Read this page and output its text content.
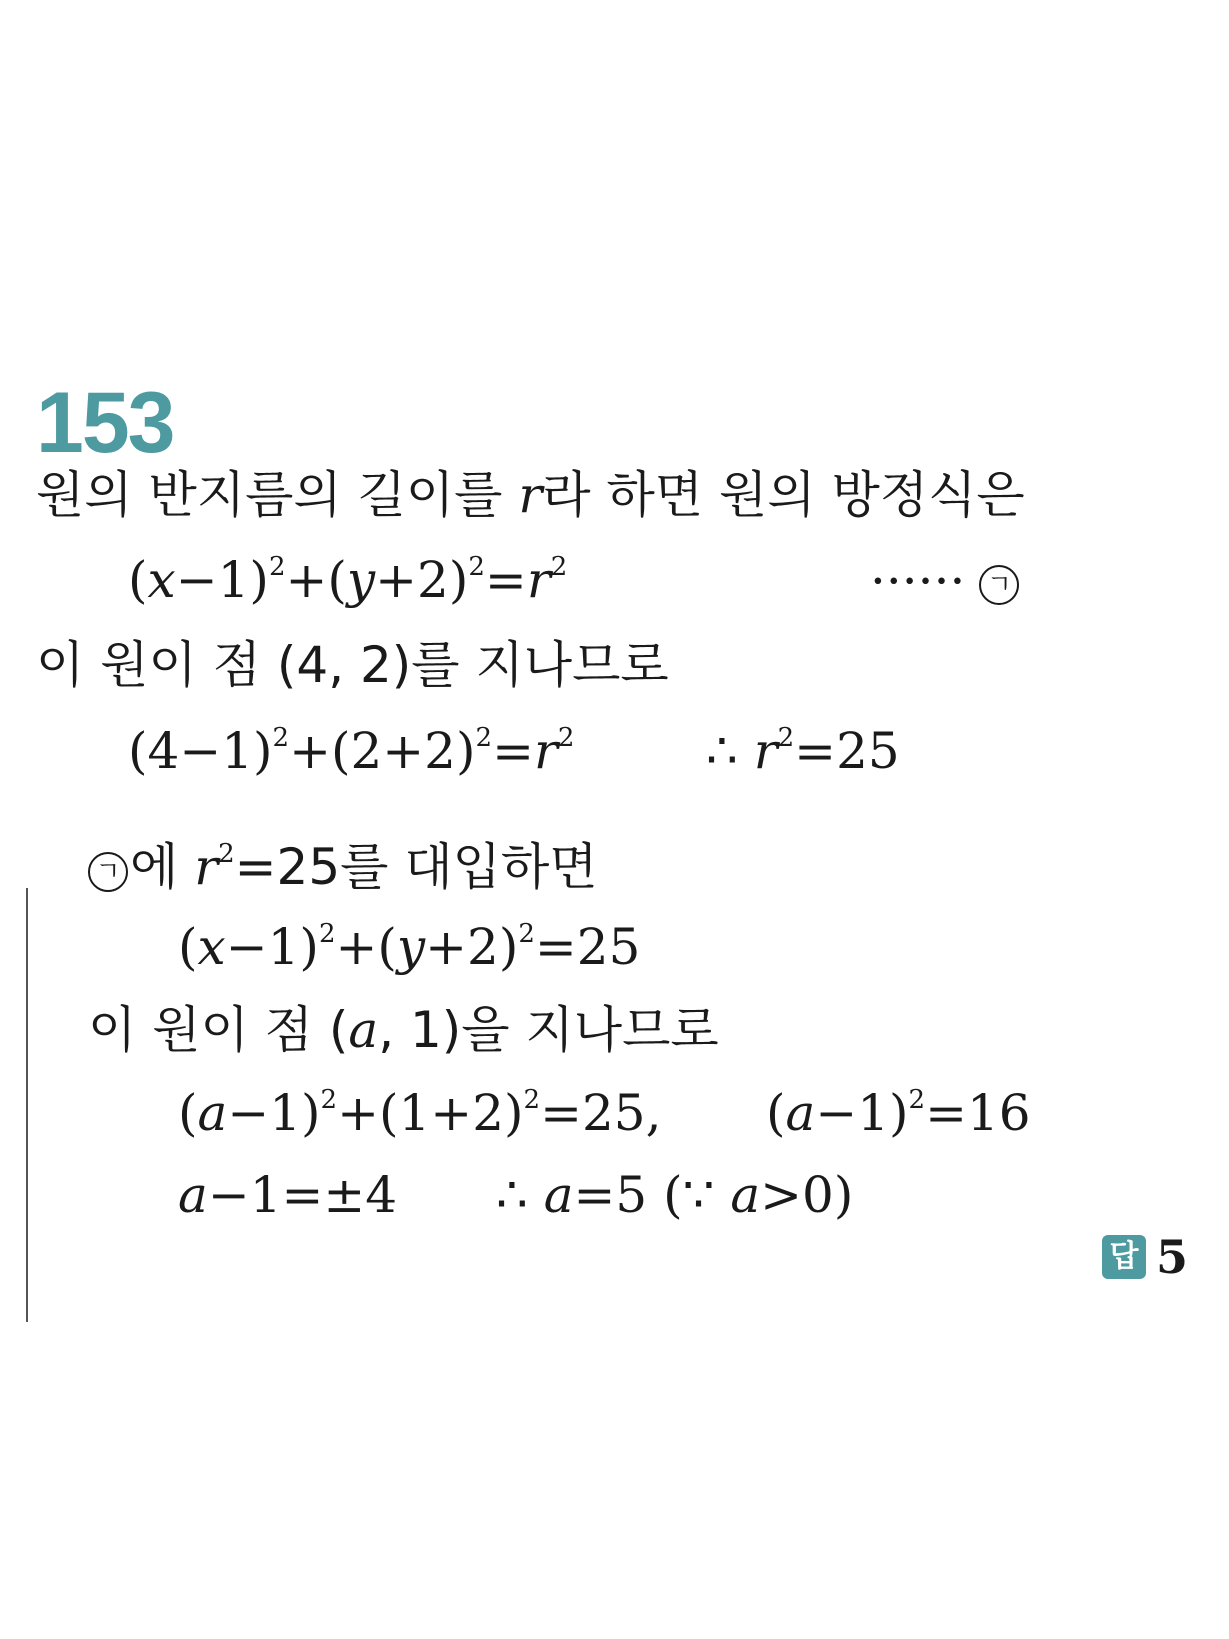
153
원의 반지름의 길이를 r라 하면 원의 방정식은
$(x-1)^2+(y+2)^2=r^2$	······ ㄱ
이 원이 점 (4, 2)를 지나므로
$(4-1)^2+(2+2)^2=r^2$	∴ $r^2=25$
ㄱ 에 $r^2=25$를 대입하면
$(x-1)^2+(y+2)^2=25$
이 원이 점 (a, 1)을 지나므로
$(a-1)^2+(1+2)^2=25$, $(a-1)^2=16$
a−1=±4 ∴ a=5 (∵ a>0)
답 5
